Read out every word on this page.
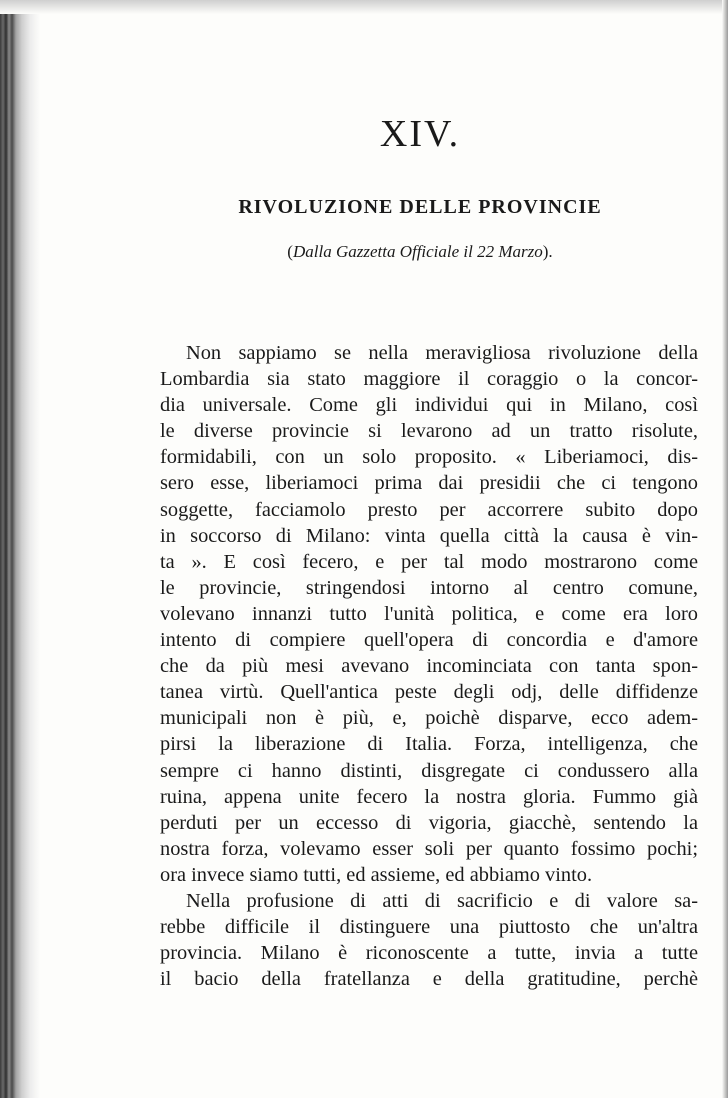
XIV.
RIVOLUZIONE DELLE PROVINCIE
(Dalla Gazzetta Officiale il 22 Marzo).
Non sappiamo se nella meravigliosa rivoluzione della
Lombardia sia stato maggiore il coraggio o la concor-
dia universale. Come gli individui qui in Milano, così
le diverse provincie si levarono ad un tratto risolute,
formidabili, con un solo proposito. « Liberiamoci, dis-
sero esse, liberiamoci prima dai presidii che ci tengono
soggette, facciamolo presto per accorrere subito dopo
in soccorso di Milano: vinta quella città la causa è vin-
ta ». E così fecero, e per tal modo mostrarono come
le provincie, stringendosi intorno al centro comune,
volevano innanzi tutto l'unità politica, e come era loro
intento di compiere quell'opera di concordia e d'amore
che da più mesi avevano incominciata con tanta spon-
tanea virtù. Quell'antica peste degli odj, delle diffidenze
municipali non è più, e, poichè disparve, ecco adem-
pirsi la liberazione di Italia. Forza, intelligenza, che
sempre ci hanno distinti, disgregate ci condussero alla
ruina, appena unite fecero la nostra gloria. Fummo già
perduti per un eccesso di vigoria, giacchè, sentendo la
nostra forza, volevamo esser soli per quanto fossimo pochi;
ora invece siamo tutti, ed assieme, ed abbiamo vinto.
Nella profusione di atti di sacrificio e di valore sa-
rebbe difficile il distinguere una piuttosto che un'altra
provincia. Milano è riconoscente a tutte, invia a tutte
il bacio della fratellanza e della gratitudine, perchè
